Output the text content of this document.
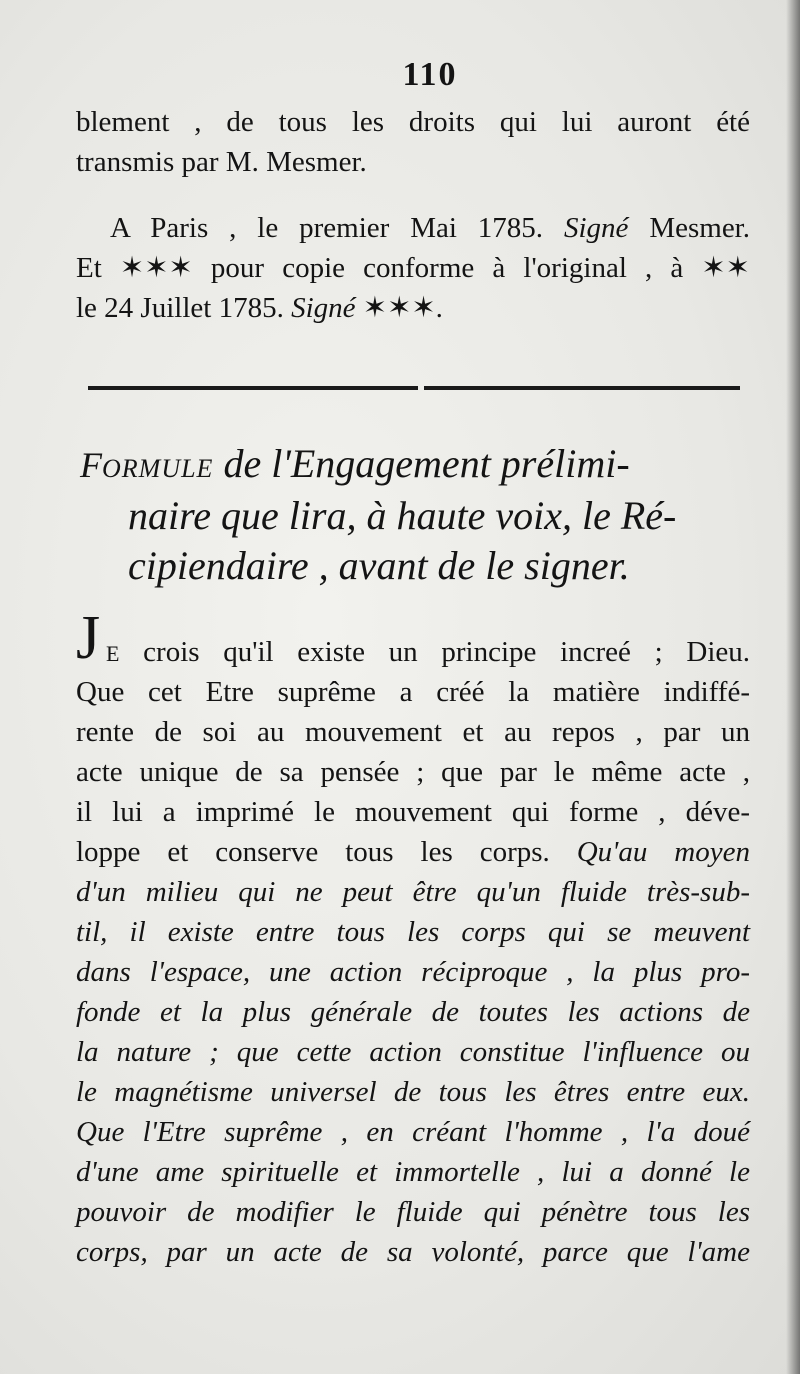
110
blement , de tous les droits qui lui auront été
transmis par M. Mesmer.
A Paris , le premier Mai 1785. Signé Mesmer.
Et ✶✶✶ pour copie conforme à l'original , à ✶✶
le 24 Juillet 1785. Signé ✶✶✶.
FORMULE de l'Engagement prélimi-
naire que lira, à haute voix, le Ré-
cipiendaire , avant de le signer.
J E crois qu'il existe un principe increé ; Dieu.
Que cet Etre suprême a créé la matière indiffé-
rente de soi au mouvement et au repos , par un
acte unique de sa pensée ; que par le même acte ,
il lui a imprimé le mouvement qui forme , déve-
loppe et conserve tous les corps. Qu'au moyen
d'un milieu qui ne peut être qu'un fluide très-sub-
til, il existe entre tous les corps qui se meuvent
dans l'espace, une action réciproque , la plus pro-
fonde et la plus générale de toutes les actions de
la nature ; que cette action constitue l'influence ou
le magnétisme universel de tous les êtres entre eux.
Que l'Etre suprême , en créant l'homme , l'a doué
d'une ame spirituelle et immortelle , lui a donné le
pouvoir de modifier le fluide qui pénètre tous les
corps, par un acte de sa volonté, parce que l'ame
